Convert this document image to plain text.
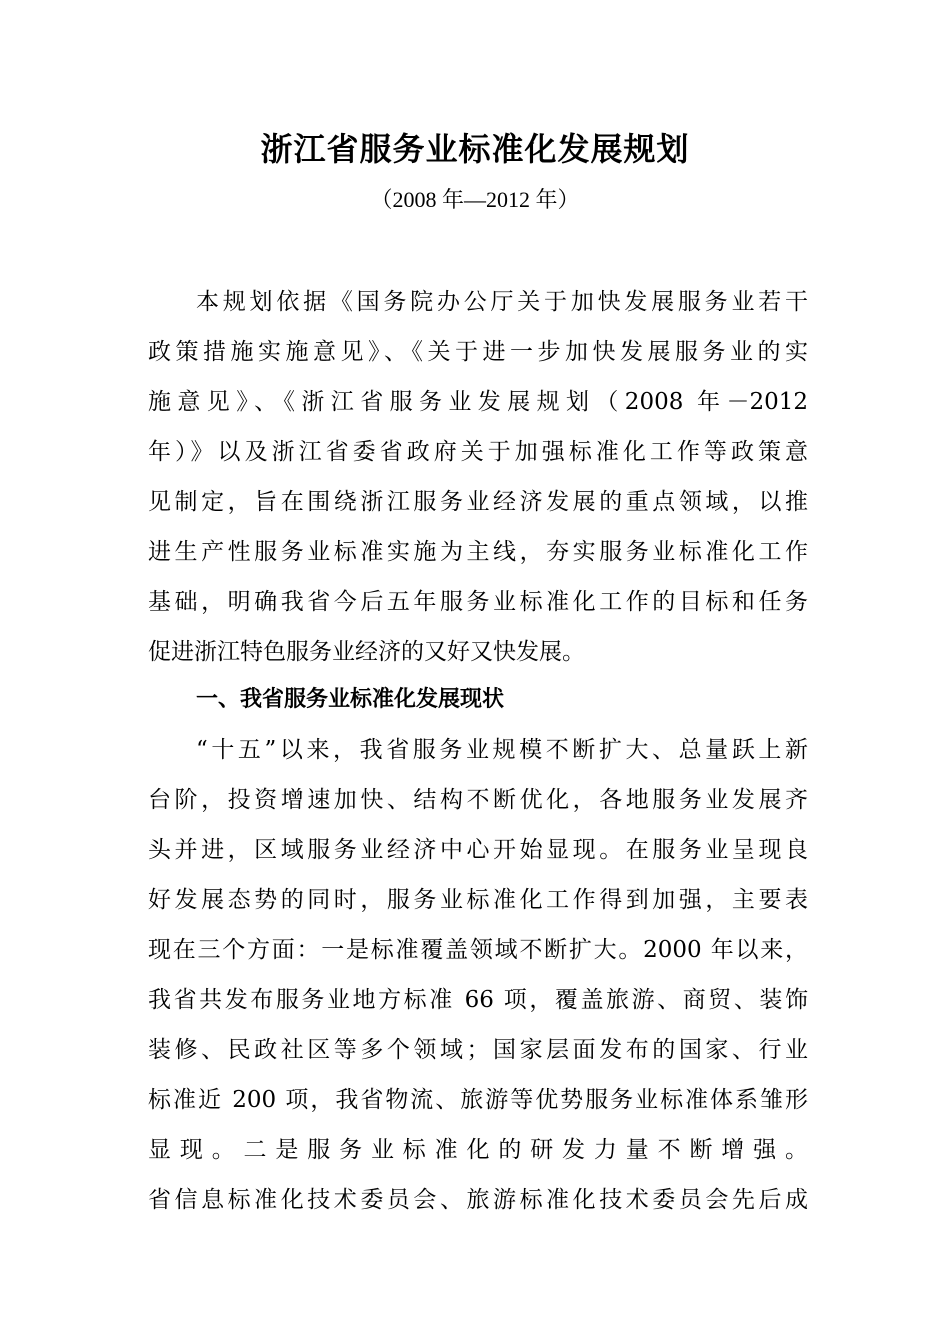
浙江省服务业标准化发展规划
（2008 年—2012 年）
本规划依据《国务院办公厅关于加快发展服务业若干
政策措施实施意见》、《关于进一步加快发展服务业的实
施意见》、《浙江省服务业发展规划（2008 年－2012
年）》以及浙江省委省政府关于加强标准化工作等政策意
见制定，旨在围绕浙江服务业经济发展的重点领域，以推
进生产性服务业标准实施为主线，夯实服务业标准化工作
基础，明确我省今后五年服务业标准化工作的目标和任务
促进浙江特色服务业经济的又好又快发展。
一、我省服务业标准化发展现状
“十五”以来，我省服务业规模不断扩大、总量跃上新
台阶，投资增速加快、结构不断优化，各地服务业发展齐
头并进，区域服务业经济中心开始显现。在服务业呈现良
好发展态势的同时，服务业标准化工作得到加强，主要表
现在三个方面：一是标准覆盖领域不断扩大。2000 年以来，
我省共发布服务业地方标准 66 项，覆盖旅游、商贸、装饰
装修、民政社区等多个领域；国家层面发布的国家、行业
标准近 200 项，我省物流、旅游等优势服务业标准体系雏形
显现。二是服务业标准化的研发力量不断增强。
省信息标准化技术委员会、旅游标准化技术委员会先后成
